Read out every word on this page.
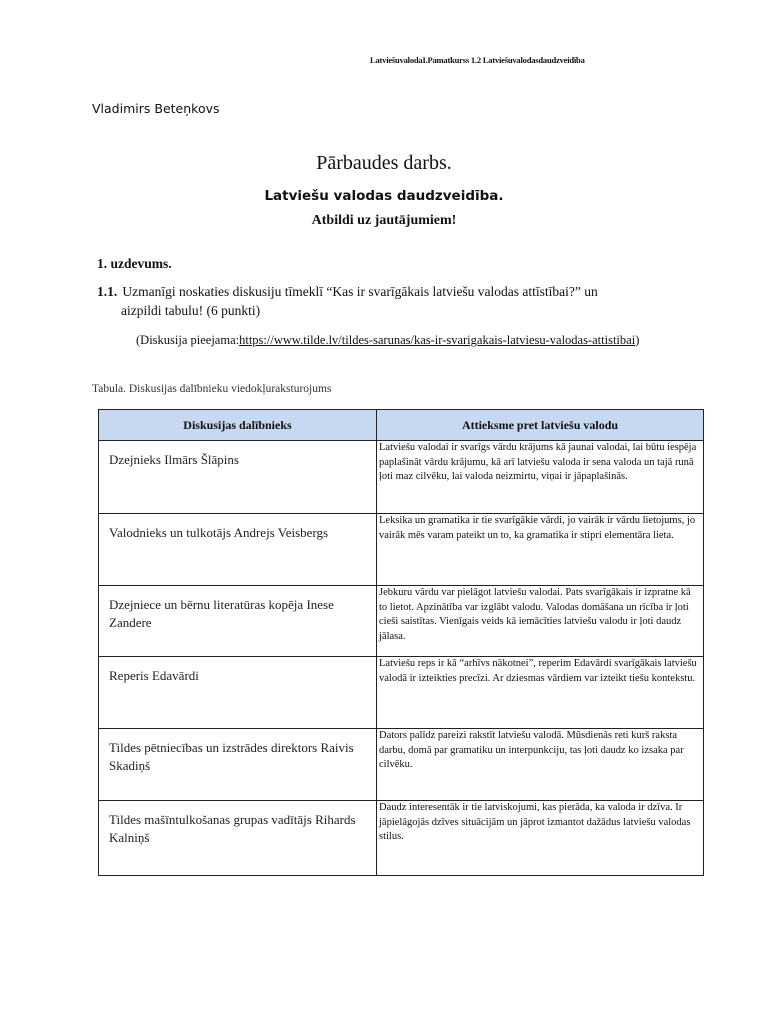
LatviešuvalodaI.Pamatkurss 1.2 Latviešuvalodasdaudzveidība
Vladimirs Beteņkovs
Pārbaudes darbs.
Latviešu valodas daudzveidība.
Atbildi uz jautājumiem!
1. uzdevums.
1.1. Uzmanīgi noskaties diskusiju tīmeklī “Kas ir svarīgākais latviešu valodas attīstībai?” un
aizpildi tabulu! (6 punkti)
(Diskusija pieejama:https://www.tilde.lv/tildes-sarunas/kas-ir-svarigakais-latviesu-valodas-attistibai)
Tabula. Diskusijas dalībnieku viedokļuraksturojums
Diskusijas dalībnieks	Attieksme pret latviešu valodu
Dzejnieks Ilmārs Šlāpins	Latviešu valodai ir svarīgs vārdu krājums kā jaunai valodai, lai būtu iespēja paplašināt vārdu krājumu, kā arī latviešu valoda ir sena valoda un tajā runā ļoti maz cilvēku, lai valoda neizmirtu, viņai ir jāpaplašinās.
Valodnieks un tulkotājs Andrejs Veisbergs	Leksika un gramatika ir tie svarīgākie vārdi, jo vairāk ir vārdu lietojums, jo vairāk mēs varam pateikt un to, ka gramatika ir stipri elementāra lieta.
Dzejniece un bērnu literatūras kopēja Inese Zandere	Jebkuru vārdu var pielāgot latviešu valodai. Pats svarīgākais ir izpratne kā to lietot. Apzinātība var izglābt valodu. Valodas domāšana un rīcība ir ļoti cieši saistītas. Vienīgais veids kā iemācīties latviešu valodu ir ļoti daudz jālasa.
Reperis Edavārdi	Latviešu reps ir kā “arhīvs nākotnei”, reperim Edavārdi svarīgākais latviešu valodā ir izteikties precīzi. Ar dziesmas vārdiem var izteikt tiešu kontekstu.
Tildes pētniecības un izstrādes direktors Raivis Skadiņš	Dators palīdz pareizi rakstīt latviešu valodā. Mūsdienās reti kurš raksta darbu, domā par gramatiku un interpunkciju, tas ļoti daudz ko izsaka par cilvēku.
Tildes mašīntulkošanas grupas vadītājs Rihards Kalniņš	Daudz interesentāk ir tie latviskojumi, kas pierāda, ka valoda ir dzīva. Ir jāpielāgojās dzīves situācijām un jāprot izmantot dažādus latviešu valodas stilus.
